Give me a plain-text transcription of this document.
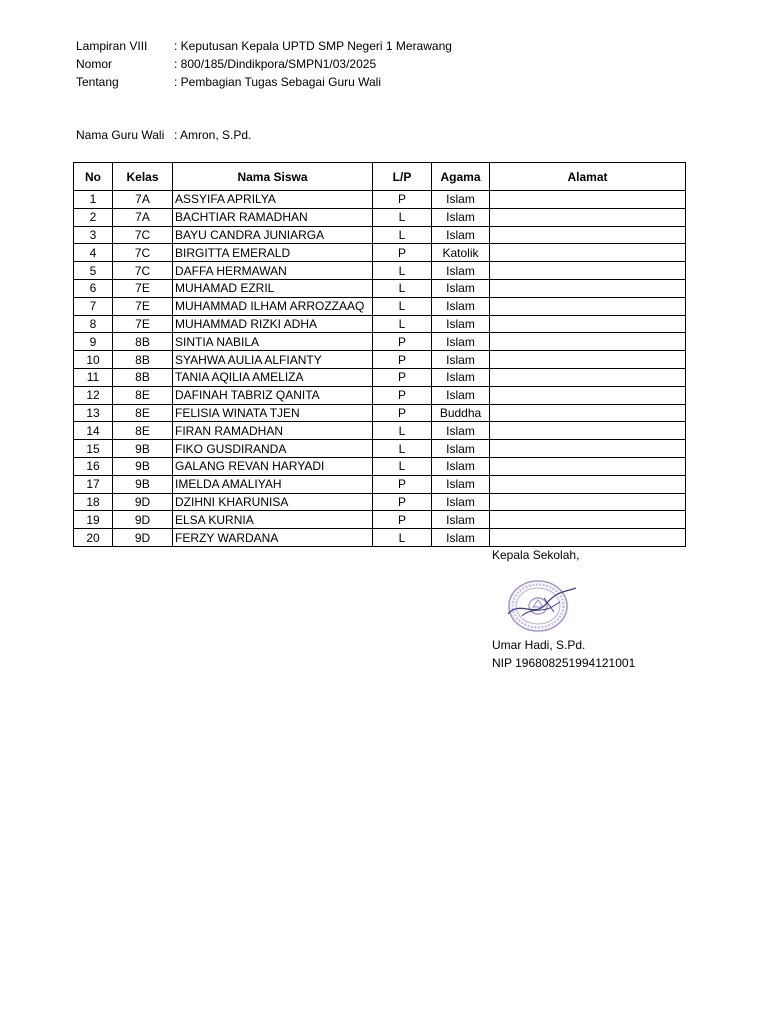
Lampiran VIII	: Keputusan Kepala UPTD SMP Negeri 1 Merawang
Nomor	: 800/185/Dindikpora/SMPN1/03/2025
Tentang	: Pembagian Tugas Sebagai Guru Wali
Nama Guru Wali : Amron, S.Pd.
No	Kelas	Nama Siswa	L/P	Agama	Alamat
1	7A	ASSYIFA APRILYA	P	Islam	
2	7A	BACHTIAR RAMADHAN	L	Islam	
3	7C	BAYU CANDRA JUNIARGA	L	Islam	
4	7C	BIRGITTA EMERALD	P	Katolik	
5	7C	DAFFA HERMAWAN	L	Islam	
6	7E	MUHAMAD EZRIL	L	Islam	
7	7E	MUHAMMAD ILHAM ARROZZAAQ	L	Islam	
8	7E	MUHAMMAD RIZKI ADHA	L	Islam	
9	8B	SINTIA NABILA	P	Islam	
10	8B	SYAHWA AULIA ALFIANTY	P	Islam	
11	8B	TANIA AQILIA AMELIZA	P	Islam	
12	8E	DAFINAH TABRIZ QANITA	P	Islam	
13	8E	FELISIA WINATA TJEN	P	Buddha	
14	8E	FIRAN RAMADHAN	L	Islam	
15	9B	FIKO GUSDIRANDA	L	Islam	
16	9B	GALANG REVAN HARYADI	L	Islam	
17	9B	IMELDA AMALIYAH	P	Islam	
18	9D	DZIHNI KHARUNISA	P	Islam	
19	9D	ELSA KURNIA	P	Islam	
20	9D	FERZY WARDANA	L	Islam	
Kepala Sekolah,
Umar Hadi, S.Pd.
NIP 196808251994121001
